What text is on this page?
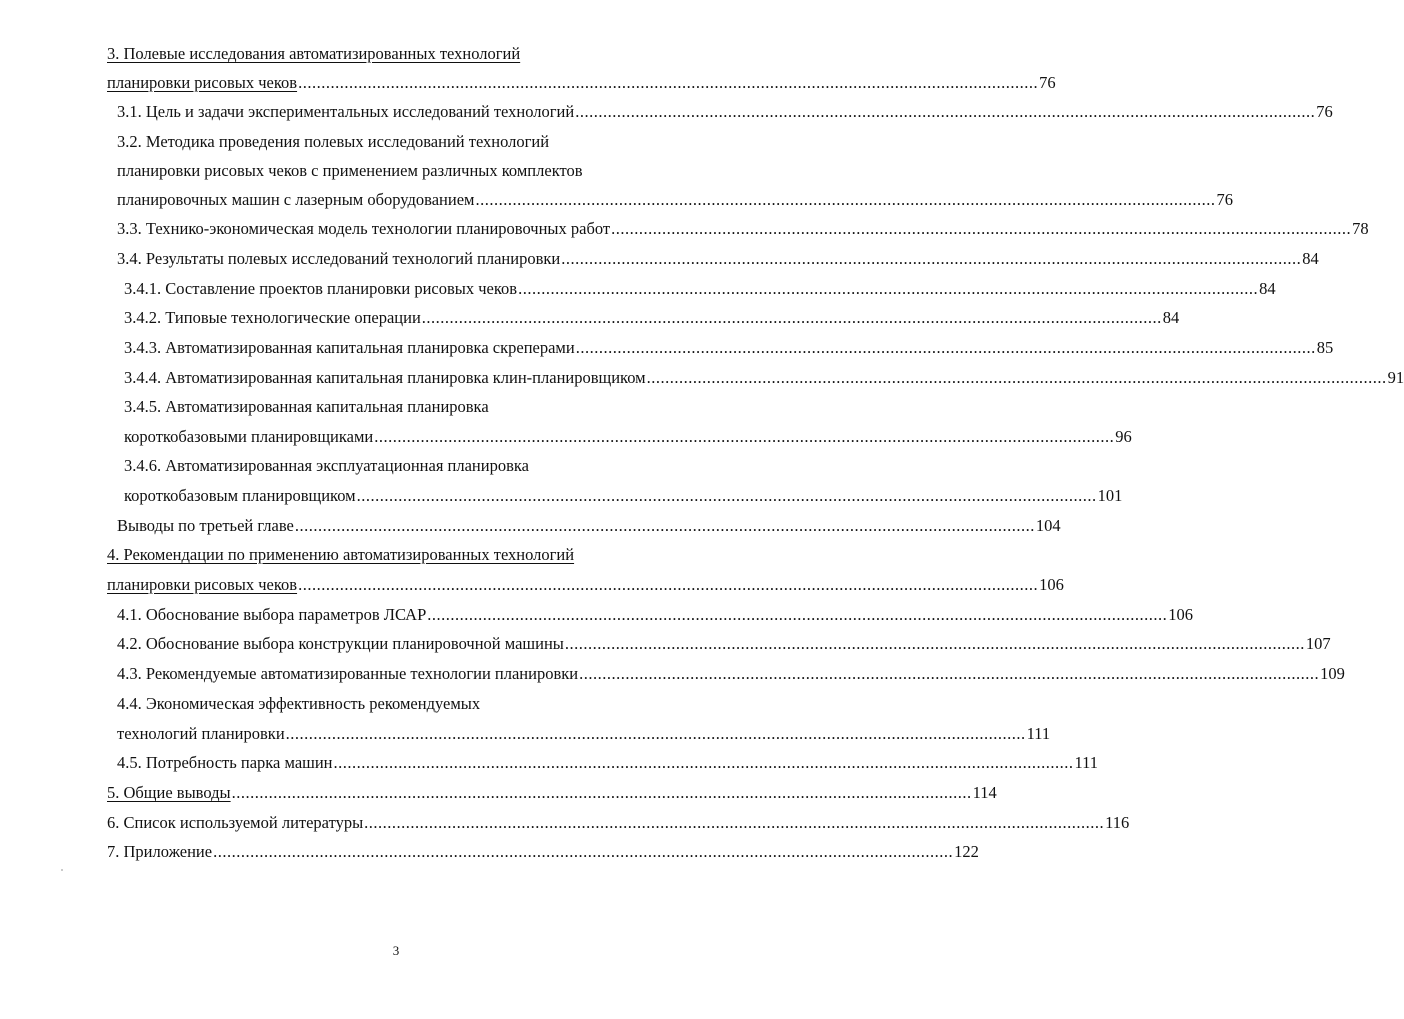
3. Полевые исследования автоматизированных технологий
планировки рисовых чеков ................................................................................................................................................................ 76
3.1. Цель и задачи экспериментальных исследований технологий ................................................................................................................................................................ 76
3.2. Методика проведения полевых исследований технологий
планировки рисовых чеков с применением различных комплектов
планировочных машин с лазерным оборудованием ................................................................................................................................................................ 76
3.3. Технико-экономическая модель технологии планировочных работ ................................................................................................................................................................ 78
3.4. Результаты полевых исследований технологий планировки ................................................................................................................................................................ 84
3.4.1. Составление проектов планировки рисовых чеков ................................................................................................................................................................ 84
3.4.2. Типовые технологические операции ................................................................................................................................................................ 84
3.4.3. Автоматизированная капитальная планировка скреперами ................................................................................................................................................................ 85
3.4.4. Автоматизированная капитальная планировка клин-планировщиком ................................................................................................................................................................ 91
3.4.5. Автоматизированная капитальная планировка
короткобазовыми планировщиками ................................................................................................................................................................ 96
3.4.6. Автоматизированная эксплуатационная планировка
короткобазовым планировщиком ................................................................................................................................................................ 101
Выводы по третьей главе ................................................................................................................................................................ 104
4. Рекомендации по применению автоматизированных технологий
планировки рисовых чеков ................................................................................................................................................................ 106
4.1. Обоснование выбора параметров ЛСАР ................................................................................................................................................................ 106
4.2. Обоснование выбора конструкции планировочной машины ................................................................................................................................................................ 107
4.3. Рекомендуемые автоматизированные технологии планировки ................................................................................................................................................................ 109
4.4. Экономическая эффективность рекомендуемых
технологий планировки ................................................................................................................................................................ 111
4.5. Потребность парка машин ................................................................................................................................................................ 111
5. Общие выводы ................................................................................................................................................................ 114
6. Список используемой литературы ................................................................................................................................................................ 116
7. Приложение ................................................................................................................................................................ 122
3
